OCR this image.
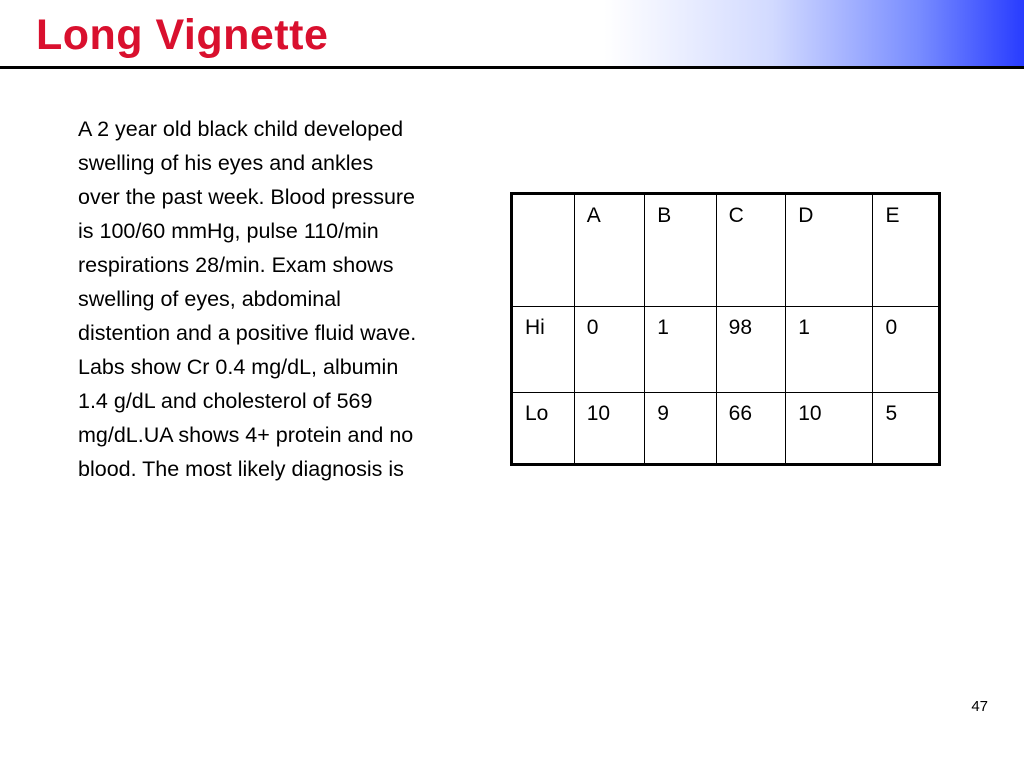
Long Vignette
A 2 year old black child developed
swelling of his eyes and ankles
over the past week. Blood pressure
is 100/60 mmHg, pulse 110/min
respirations 28/min. Exam shows
swelling of eyes, abdominal
distention and a positive fluid wave.
Labs show Cr 0.4 mg/dL, albumin
1.4 g/dL and cholesterol of 569
mg/dL.UA shows 4+ protein and no
blood. The most likely diagnosis is
	A	B	C	D	E
Hi	0	1	98	1	0
Lo	10	9	66	10	5
47
